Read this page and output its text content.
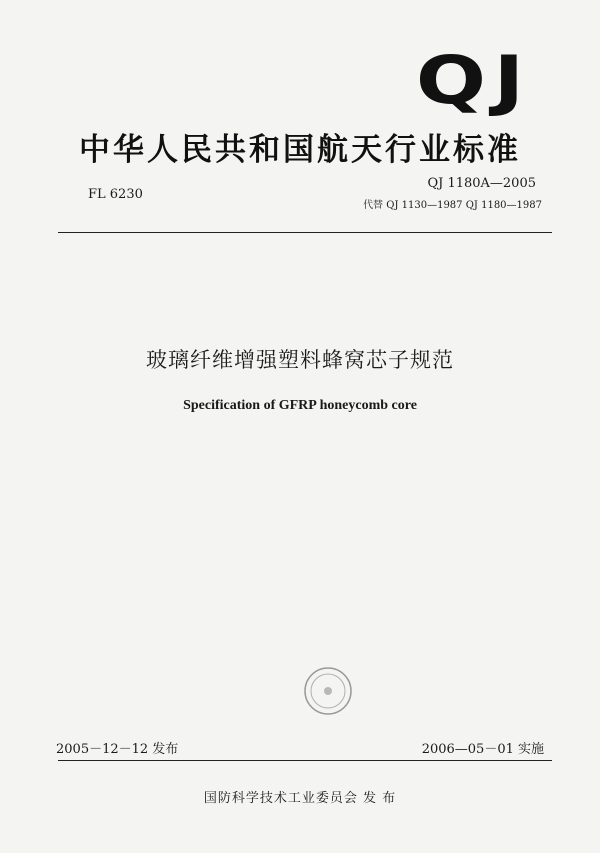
QJ
中华人民共和国航天行业标准
FL 6230
QJ 1180A—2005
代替 QJ 1130—1987 QJ 1180—1987
玻璃纤维增强塑料蜂窝芯子规范
Specification of GFRP honeycomb core
2005－12－12 发布	2006—05－01 实施
国防科学技术工业委员会 发 布
